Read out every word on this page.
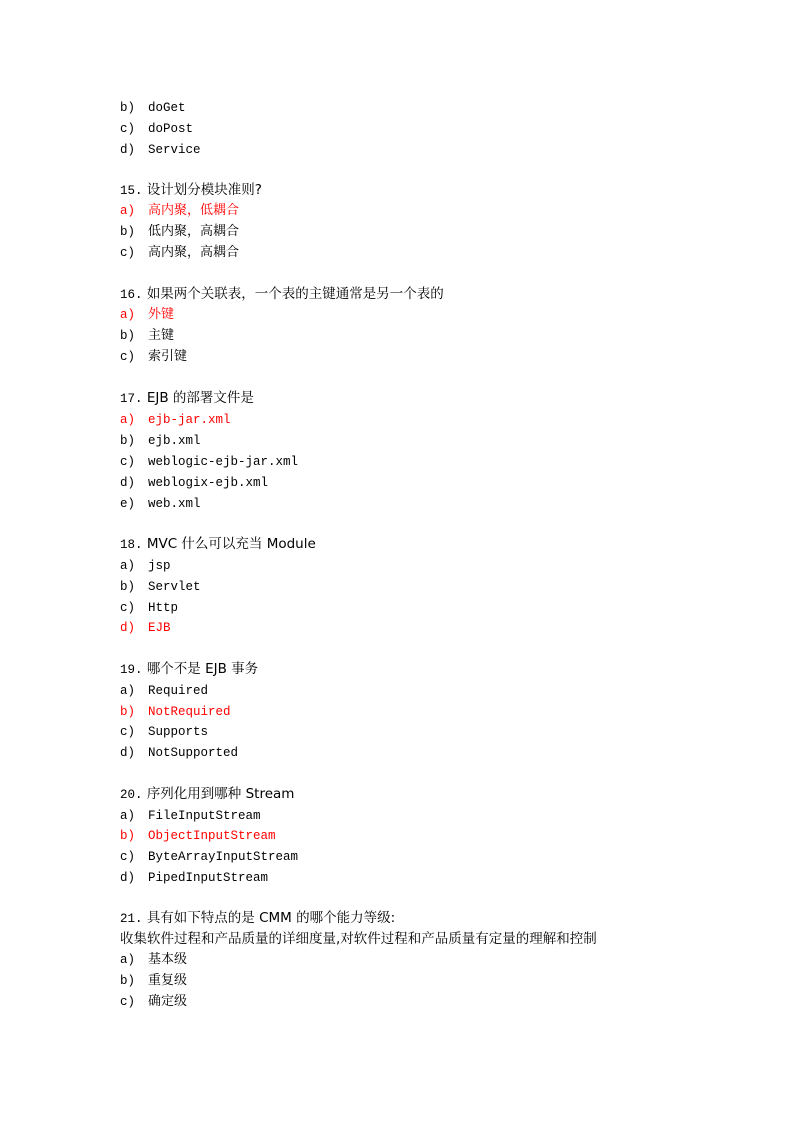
b) doGet
c) doPost
d) Service
15. 设计划分模块准则?
a) 高内聚，低耦合
b) 低内聚，高耦合
c) 高内聚，高耦合
16. 如果两个关联表，一个表的主键通常是另一个表的
a) 外键
b) 主键
c) 索引键
17. EJB 的部署文件是
a) ejb-jar.xml
b) ejb.xml
c) weblogic-ejb-jar.xml
d) weblogix-ejb.xml
e) web.xml
18. MVC 什么可以充当 Module
a) jsp
b) Servlet
c) Http
d) EJB
19. 哪个不是 EJB 事务
a) Required
b) NotRequired
c) Supports
d) NotSupported
20. 序列化用到哪种 Stream
a) FileInputStream
b) ObjectInputStream
c) ByteArrayInputStream
d) PipedInputStream
21. 具有如下特点的是 CMM 的哪个能力等级:
收集软件过程和产品质量的详细度量,对软件过程和产品质量有定量的理解和控制
a) 基本级
b) 重复级
c) 确定级
